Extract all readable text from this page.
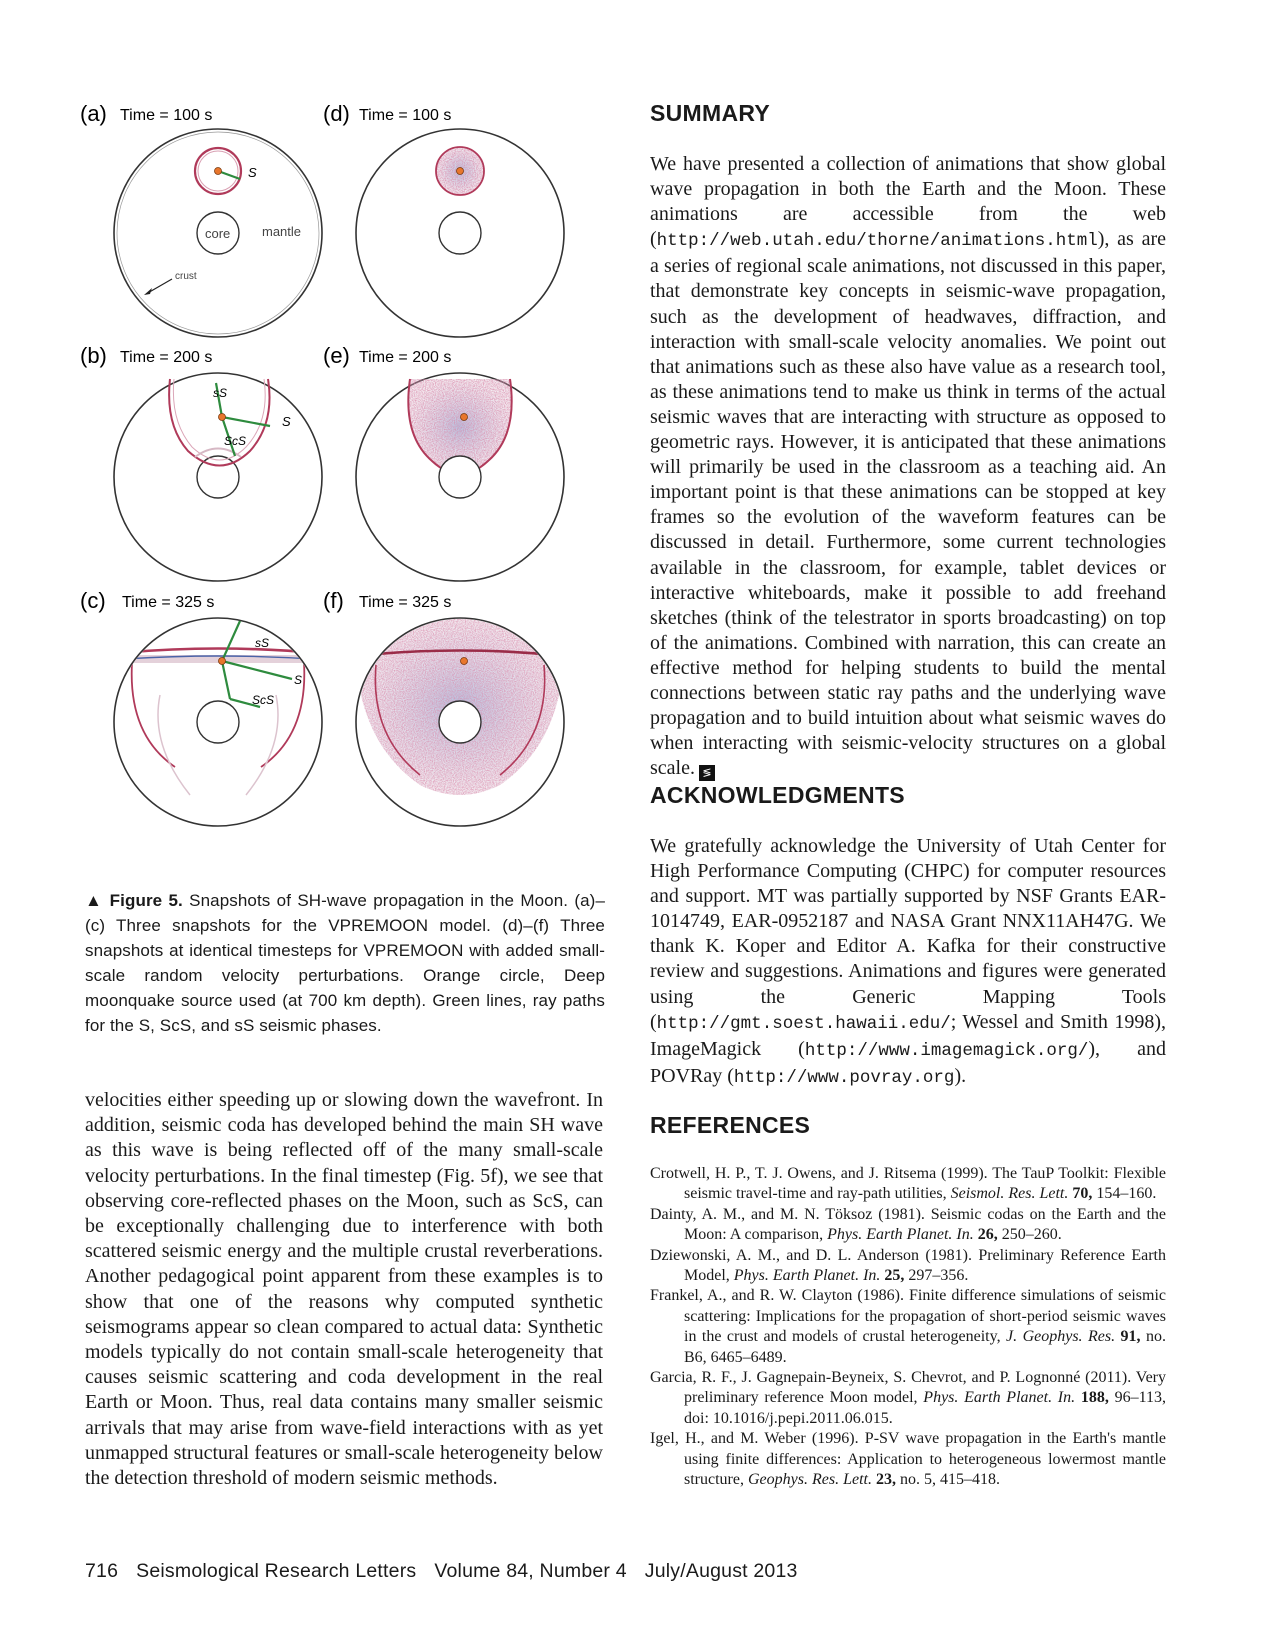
(a) Time = 100 s
(b) Time = 200 s
(c) Time = 325 s
(d) Time = 100 s
(e) Time = 200 s
(f) Time = 325 s
S
core mantle
crust
sS
S
ScS
sS
S
ScS
▲ Figure 5. Snapshots of SH-wave propagation in the Moon. (a)–(c) Three snapshots for the VPREMOON model. (d)–(f) Three snapshots at identical timesteps for VPREMOON with added small-scale random velocity perturbations. Orange circle, Deep moonquake source used (at 700 km depth). Green lines, ray paths for the S, ScS, and sS seismic phases.
velocities either speeding up or slowing down the wavefront. In addition, seismic coda has developed behind the main SH wave as this wave is being reflected off of the many small-scale velocity perturbations. In the final timestep (Fig. 5f), we see that observing core-reflected phases on the Moon, such as ScS, can be exceptionally challenging due to interference with both scattered seismic energy and the multiple crustal reverberations. Another pedagogical point apparent from these examples is to show that one of the reasons why computed synthetic seismograms appear so clean compared to actual data: Synthetic models typically do not contain small-scale heterogeneity that causes seismic scattering and coda development in the real Earth or Moon. Thus, real data contains many smaller seismic arrivals that may arise from wave-field interactions with as yet unmapped structural features or small-scale heterogeneity below the detection threshold of modern seismic methods.
SUMMARY
We have presented a collection of animations that show global wave propagation in both the Earth and the Moon. These animations are accessible from the web (http://web.utah.edu/thorne/animations.html), as are a series of regional scale animations, not discussed in this paper, that demonstrate key concepts in seismic-wave propagation, such as the development of headwaves, diffraction, and interaction with small-scale velocity anomalies. We point out that animations such as these also have value as a research tool, as these animations tend to make us think in terms of the actual seismic waves that are interacting with structure as opposed to geometric rays. However, it is anticipated that these animations will primarily be used in the classroom as a teaching aid. An important point is that these animations can be stopped at key frames so the evolution of the waveform features can be discussed in detail. Furthermore, some current technologies available in the classroom, for example, tablet devices or interactive whiteboards, make it possible to add freehand sketches (think of the telestrator in sports broadcasting) on top of the animations. Combined with narration, this can create an effective method for helping students to build the mental connections between static ray paths and the underlying wave propagation and to build intuition about what seismic waves do when interacting with seismic-velocity structures on a global scale. ≶
ACKNOWLEDGMENTS
We gratefully acknowledge the University of Utah Center for High Performance Computing (CHPC) for computer resources and support. MT was partially supported by NSF Grants EAR-1014749, EAR-0952187 and NASA Grant NNX11AH47G. We thank K. Koper and Editor A. Kafka for their constructive review and suggestions. Animations and figures were generated using the Generic Mapping Tools (http://gmt.soest.hawaii.edu/; Wessel and Smith 1998), ImageMagick (http://www.imagemagick.org/), and POVRay (http://www.povray.org).
REFERENCES
Crotwell, H. P., T. J. Owens, and J. Ritsema (1999). The TauP Toolkit: Flexible seismic travel-time and ray-path utilities, Seismol. Res. Lett. 70, 154–160.
Dainty, A. M., and M. N. Töksoz (1981). Seismic codas on the Earth and the Moon: A comparison, Phys. Earth Planet. In. 26, 250–260.
Dziewonski, A. M., and D. L. Anderson (1981). Preliminary Reference Earth Model, Phys. Earth Planet. In. 25, 297–356.
Frankel, A., and R. W. Clayton (1986). Finite difference simulations of seismic scattering: Implications for the propagation of short-period seismic waves in the crust and models of crustal heterogeneity, J. Geophys. Res. 91, no. B6, 6465–6489.
Garcia, R. F., J. Gagnepain-Beyneix, S. Chevrot, and P. Lognonné (2011). Very preliminary reference Moon model, Phys. Earth Planet. In. 188, 96–113, doi: 10.1016/j.pepi.2011.06.015.
Igel, H., and M. Weber (1996). P-SV wave propagation in the Earth's mantle using finite differences: Application to heterogeneous lowermost mantle structure, Geophys. Res. Lett. 23, no. 5, 415–418.
716 Seismological Research Letters Volume 84, Number 4 July/August 2013
